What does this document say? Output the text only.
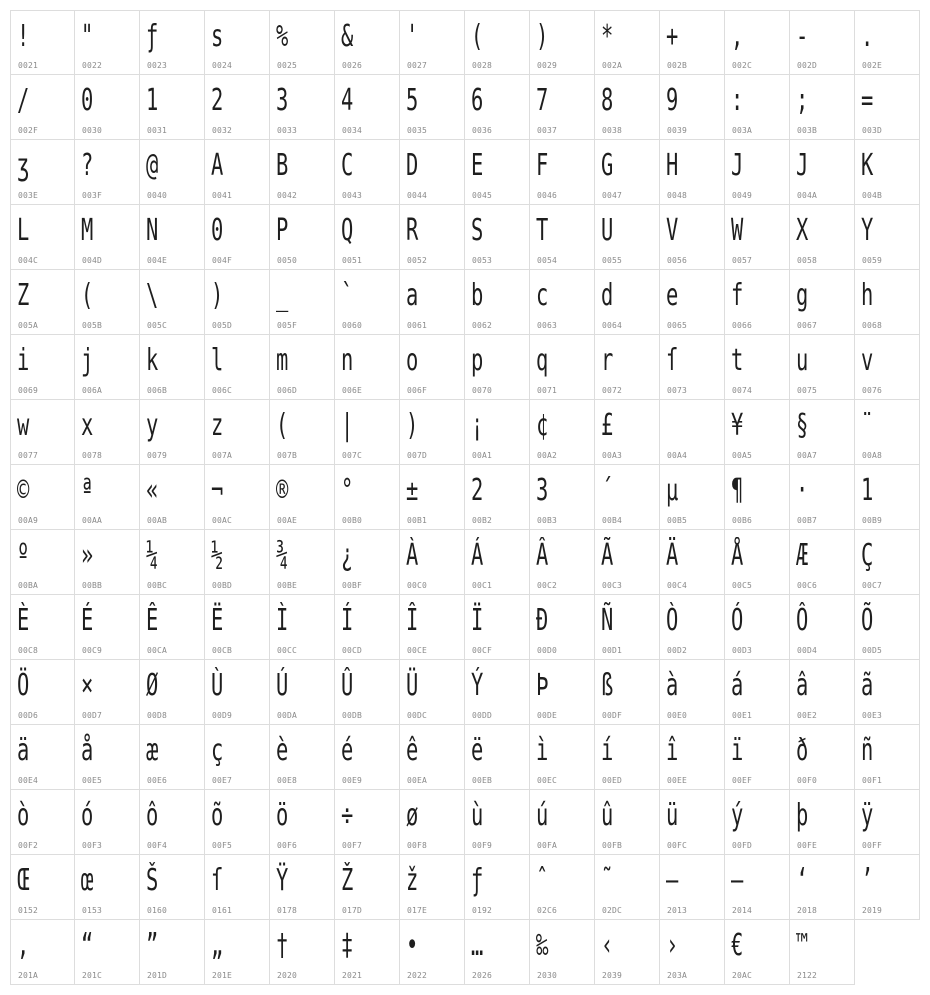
!
0021
"
0022
ƒ
0023
s
0024
%
0025
&
0026
'
0027
(
0028
)
0029
*
002A
+
002B
,
002C
-
002D
.
002E
/
002F
0
0030
1
0031
2
0032
3
0033
4
0034
5
0035
6
0036
7
0037
8
0038
9
0039
:
003A
;
003B
=
003D
ʒ
003E
?
003F
@
0040
A
0041
B
0042
C
0043
D
0044
E
0045
F
0046
G
0047
H
0048
J
0049
J
004A
K
004B
L
004C
M
004D
N
004E
0
004F
P
0050
Q
0051
R
0052
S
0053
T
0054
U
0055
V
0056
W
0057
X
0058
Y
0059
Z
005A
(
005B
\
005C
)
005D
_
005F
`
0060
a
0061
b
0062
c
0063
d
0064
e
0065
f
0066
g
0067
h
0068
i
0069
j
006A
k
006B
l
006C
m
006D
n
006E
o
006F
p
0070
q
0071
r
0072
ſ
0073
t
0074
u
0075
v
0076
w
0077
x
0078
y
0079
z
007A
(
007B
|
007C
)
007D
¡
00A1
¢
00A2
£
00A3	00A4
¥
00A5
§
00A7
¨
00A8
©
00A9
ª
00AA
«
00AB
¬
00AC
®
00AE
°
00B0
±
00B1
2
00B2
3
00B3
´
00B4
µ
00B5
¶
00B6
·
00B7
1
00B9
º
00BA
»
00BB
¼
00BC
½
00BD
¾
00BE
¿
00BF
À
00C0
Á
00C1
Â
00C2
Ã
00C3
Ä
00C4
Å
00C5
Æ
00C6
Ç
00C7
È
00C8
É
00C9
Ê
00CA
Ë
00CB
Ì
00CC
Í
00CD
Î
00CE
Ï
00CF
Ð
00D0
Ñ
00D1
Ò
00D2
Ó
00D3
Ô
00D4
Õ
00D5
Ö
00D6
×
00D7
Ø
00D8
Ù
00D9
Ú
00DA
Û
00DB
Ü
00DC
Ý
00DD
Þ
00DE
ß
00DF
à
00E0
á
00E1
â
00E2
ã
00E3
ä
00E4
å
00E5
æ
00E6
ç
00E7
è
00E8
é
00E9
ê
00EA
ë
00EB
ì
00EC
í
00ED
î
00EE
ï
00EF
ð
00F0
ñ
00F1
ò
00F2
ó
00F3
ô
00F4
õ
00F5
ö
00F6
÷
00F7
ø
00F8
ù
00F9
ú
00FA
û
00FB
ü
00FC
ý
00FD
þ
00FE
ÿ
00FF
Œ
0152
œ
0153
Š
0160
ſ
0161
Ÿ
0178
Ž
017D
ž
017E
ƒ
0192
ˆ
02C6
˜
02DC
–
2013
—
2014
‘
2018
’
2019
‚
201A
“
201C
”
201D
„
201E
†
2020
‡
2021
•
2022
…
2026
‰
2030
‹
2039
›
203A
€
20AC
™
2122
